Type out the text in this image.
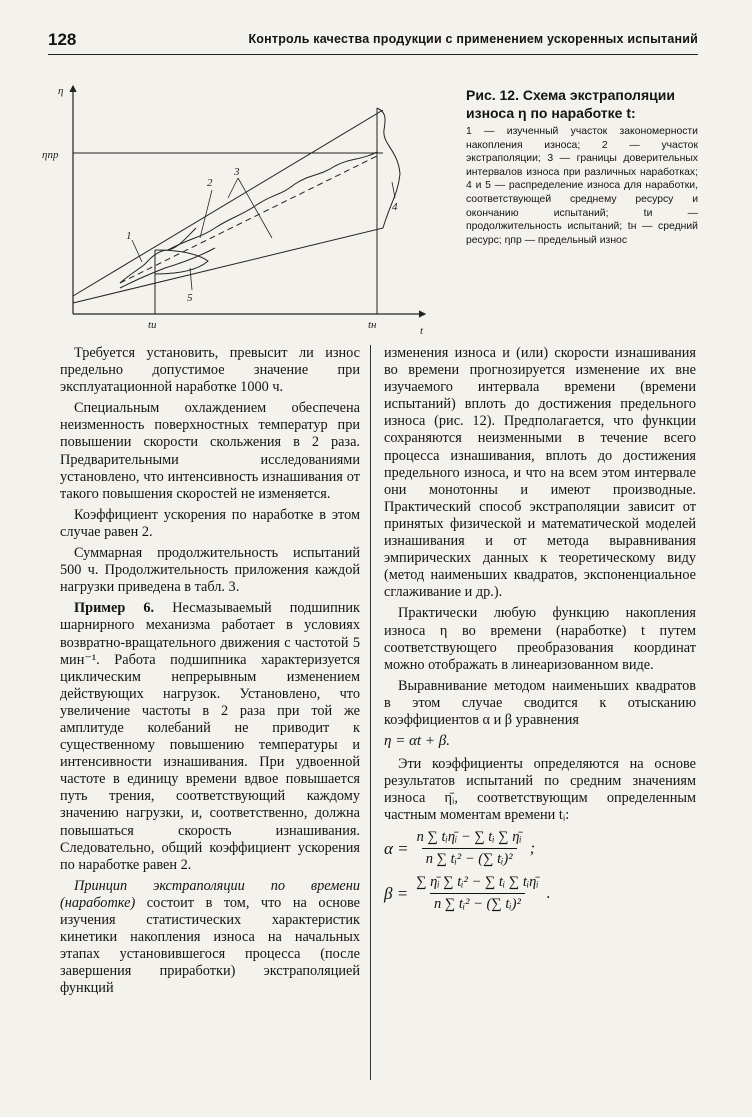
128	Контроль качества продукции с применением ускоренных испытаний
η
t
ηпр
tи	tн
1
2
3
4
5
Рис. 12. Схема экстраполяции износа η по наработке t:
1 — изученный участок закономерности накопления износа; 2 — участок экстраполяции; 3 — границы доверительных интервалов износа при различных наработках; 4 и 5 — распределение износа для наработки, соответствующей среднему ресурсу и окончанию испытаний; tи — продолжительность испытаний; tн — средний ресурс; ηпр — предельный износ

Требуется установить, превысит ли износ предельно допустимое значение при эксплуатационной наработке 1000 ч.

Специальным охлаждением обеспечена неизменность поверхностных температур при повышении скорости скольжения в 2 раза. Предварительными исследованиями установлено, что интенсивность изнашивания от такого повышения скоростей не изменяется.

Коэффициент ускорения по наработке в этом случае равен 2.

Суммарная продолжительность испытаний 500 ч. Продолжительность приложения каждой нагрузки приведена в табл. 3.

Пример 6. Несмазываемый подшипник шарнирного механизма работает в условиях возвратно-вращательного движения с частотой 5 мин⁻¹. Работа подшипника характеризуется циклическим непрерывным изменением действующих нагрузок. Установлено, что увеличение частоты в 2 раза при той же амплитуде колебаний не приводит к существенному повышению температуры и интенсивности изнашивания. При удвоенной частоте в единицу времени вдвое повышается путь трения, соответствующий каждому значению нагрузки, и, соответственно, должна повышаться скорость изнашивания. Следовательно, общий коэффициент ускорения по наработке равен 2.

Принцип экстраполяции по времени (наработке) состоит в том, что на основе изучения статистических характеристик кинетики накопления износа на начальных этапах установившегося процесса (после завершения приработки) экстраполяцией функций

изменения износа и (или) скорости изнашивания во времени прогнозируется изменение их вне изучаемого интервала времени (времени испытаний) вплоть до достижения предельного износа (рис. 12). Предполагается, что функции сохраняются неизменными в течение всего процесса изнашивания, вплоть до достижения предельного износа, и что на всем этом интервале они монотонны и имеют производные. Практический способ экстраполяции зависит от принятых физической и математической моделей изнашивания и от метода выравнивания эмпирических данных к теоретическому виду (метод наименьших квадратов, экспоненциальное сглаживание и др.).

Практически любую функцию накопления износа η во времени (наработке) t путем соответствующего преобразования координат можно отображать в линеаризованном виде.

Выравнивание методом наименьших квадратов в этом случае сводится к отысканию коэффициентов α и β уравнения

η = αt + β.

Эти коэффициенты определяются на основе результатов испытаний по средним значениям износа η̄ᵢ, соответствующим определенным частным моментам времени tᵢ:

$\alpha = \frac{\text{n ∑ tᵢη̄ᵢ − ∑ tᵢ ∑ η̄ᵢ}}{\text{n ∑ tᵢ² − (∑ tᵢ)²}}$ ;
$\beta = \frac{\text{∑ η̄ᵢ ∑ tᵢ² − ∑ tᵢ ∑ tᵢη̄ᵢ}}{\text{n ∑ tᵢ² − (∑ tᵢ)²}}$ .
